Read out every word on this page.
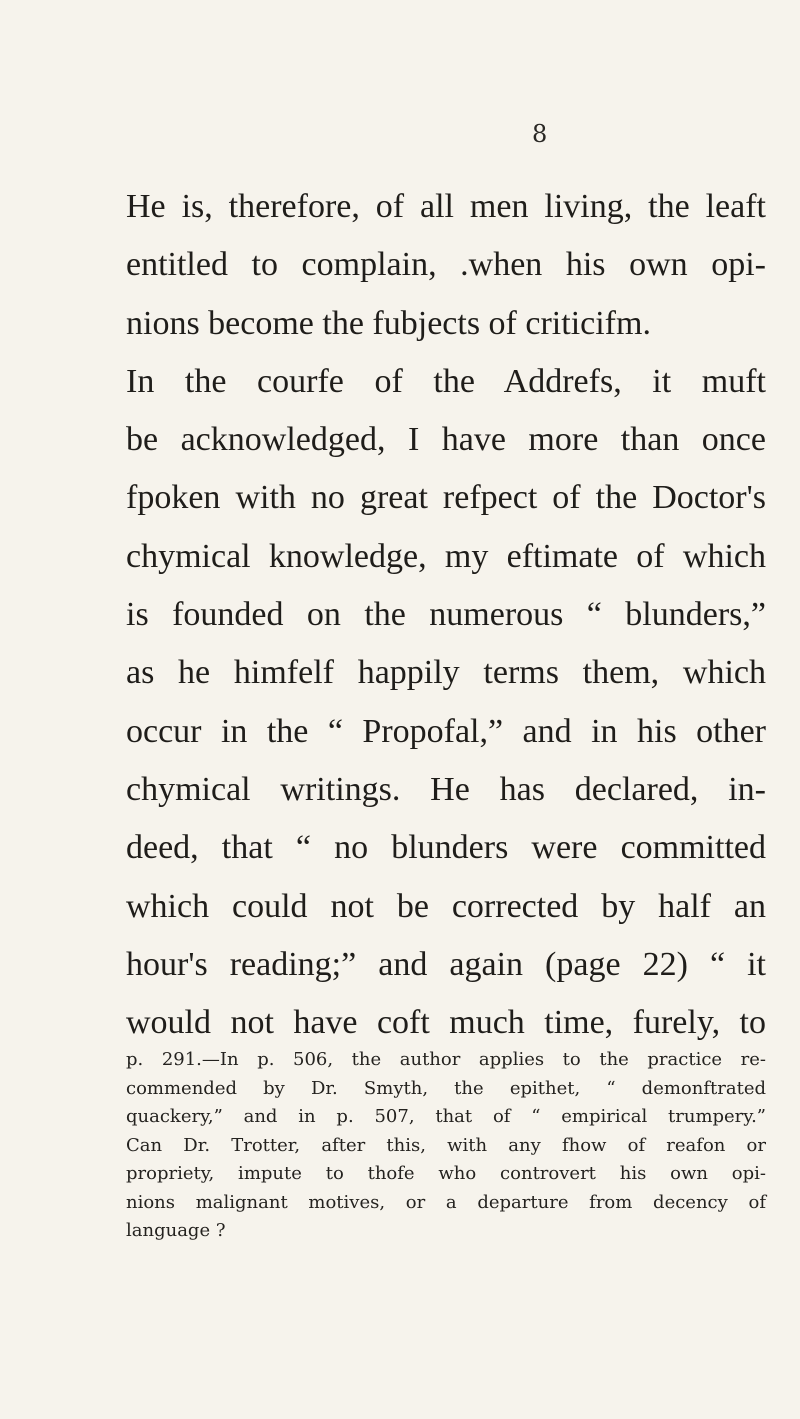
8
He is, therefore, of all men living, the leaft
entitled to complain, .when his own opi-
nions become the fubjects of criticifm.
In the courfe of the Addrefs, it muft
be acknowledged, I have more than once
fpoken with no great refpect of the Doctor's
chymical knowledge, my eftimate of which
is founded on the numerous “ blunders,”
as he himfelf happily terms them, which
occur in the “ Propofal,” and in his other
chymical writings. He has declared, in-
deed, that “ no blunders were committed
which could not be corrected by half an
hour's reading;” and again (page 22) “ it
would not have coft much time, furely, to
p. 291.—In p. 506, the author applies to the practice re-
commended by Dr. Smyth, the epithet, “ demonftrated
quackery,” and in p. 507, that of “ empirical trumpery.”
Can Dr. Trotter, after this, with any fhow of reafon or
propriety, impute to thofe who controvert his own opi-
nions malignant motives, or a departure from decency of
language ?
